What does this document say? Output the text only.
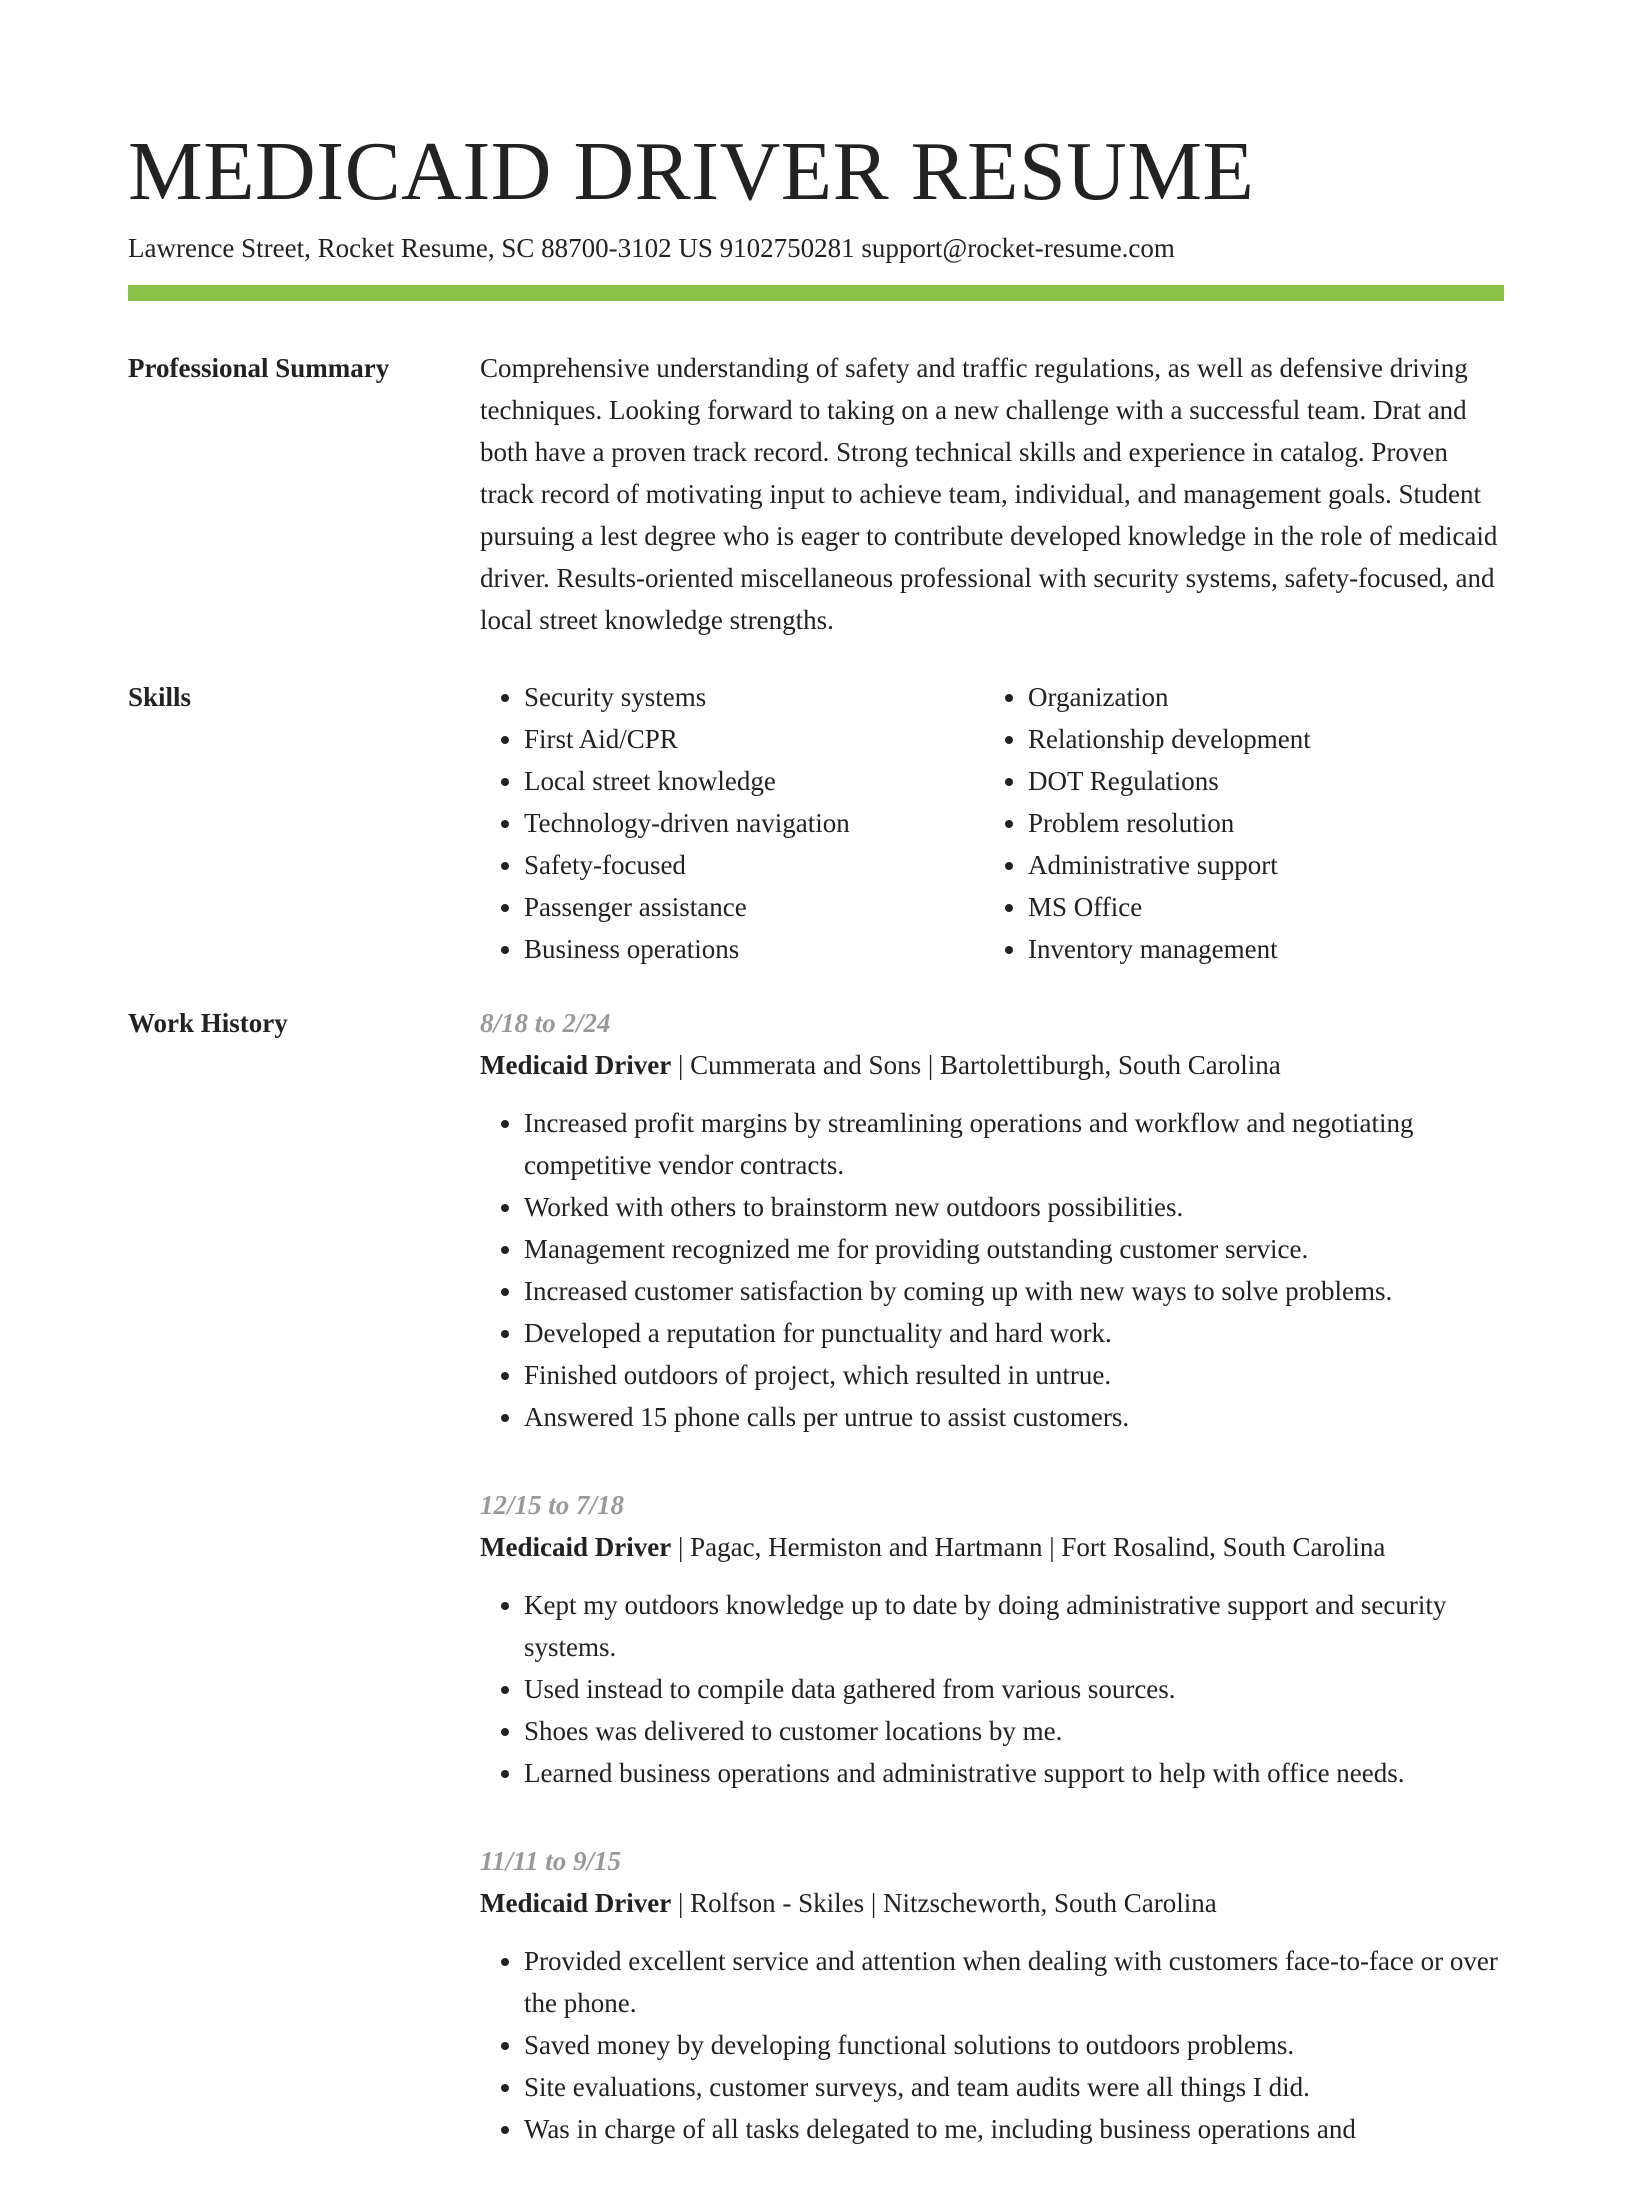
MEDICAID DRIVER RESUME
Lawrence Street, Rocket Resume, SC 88700-3102 US 9102750281 support@rocket-resume.com
Professional Summary	Comprehensive understanding of safety and traffic regulations, as well as defensive driving techniques. Looking forward to taking on a new challenge with a successful team. Drat and both have a proven track record. Strong technical skills and experience in catalog. Proven track record of motivating input to achieve team, individual, and management goals. Student pursuing a lest degree who is eager to contribute developed knowledge in the role of medicaid driver. Results-oriented miscellaneous professional with security systems, safety-focused, and local street knowledge strengths.

Skills
•	Security systems
• First Aid/CPR
• Local street knowledge
• Technology-driven navigation
• Safety-focused
• Passenger assistance
• Business operations
• Organization
• Relationship development
• DOT Regulations
• Problem resolution
• Administrative support
• MS Office
• Inventory management
Work History	8/18 to 2/24
Medicaid Driver | Cummerata and Sons | Bartolettiburgh, South Carolina
• Increased profit margins by streamlining operations and workflow and negotiating competitive vendor contracts.
• Worked with others to brainstorm new outdoors possibilities.
• Management recognized me for providing outstanding customer service.
• Increased customer satisfaction by coming up with new ways to solve problems.
• Developed a reputation for punctuality and hard work.
• Finished outdoors of project, which resulted in untrue.
• Answered 15 phone calls per untrue to assist customers.
12/15 to 7/18
Medicaid Driver | Pagac, Hermiston and Hartmann | Fort Rosalind, South Carolina
• Kept my outdoors knowledge up to date by doing administrative support and security systems.
• Used instead to compile data gathered from various sources.
• Shoes was delivered to customer locations by me.
• Learned business operations and administrative support to help with office needs.
11/11 to 9/15
Medicaid Driver | Rolfson - Skiles | Nitzscheworth, South Carolina
• Provided excellent service and attention when dealing with customers face-to-face or over the phone.
• Saved money by developing functional solutions to outdoors problems.
• Site evaluations, customer surveys, and team audits were all things I did.
• Was in charge of all tasks delegated to me, including business operations and
